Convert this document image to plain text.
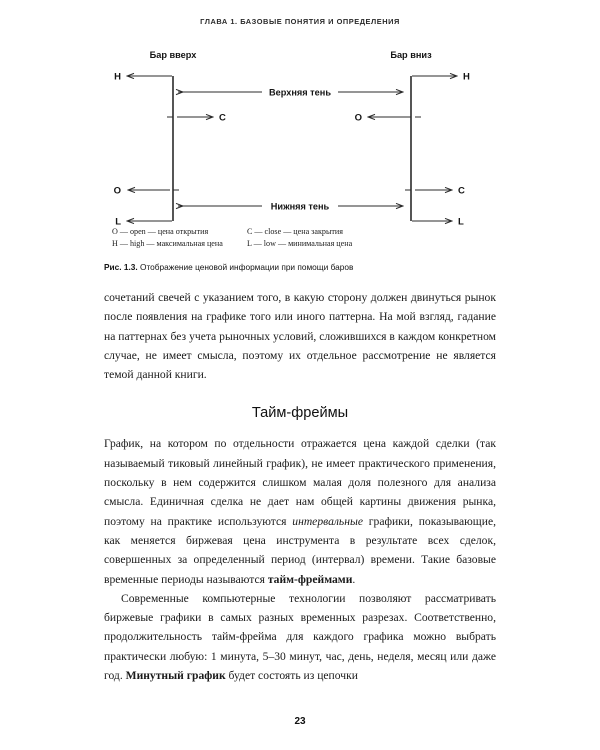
ГЛАВА 1. БАЗОВЫЕ ПОНЯТИЯ И ОПРЕДЕЛЕНИЯ
Бар вверх	Бар вниз
H
C
O
L
H
O
C
L
Верхняя тень
Нижняя тень
O — open — цена открытия	C — close — цена закрытия
H — high — максимальная цена	L — low — минимальная цена
Рис. 1.3. Отображение ценовой информации при помощи баров

сочетаний свечей с указанием того, в какую сторону должен двинуться рынок после появления на графике того или иного паттерна. На мой взгляд, гадание на паттернах без учета рыночных условий, сложившихся в каждом конкретном случае, не имеет смысла, поэтому их отдельное рассмотрение не является темой данной книги.

Тайм-фреймы

График, на котором по отдельности отражается цена каждой сделки (так называемый тиковый линейный график), не имеет практического применения, поскольку в нем содержится слишком малая доля полезного для анализа смысла. Единичная сделка не дает нам общей картины движения рынка, поэтому на практике используются интервальные графики, показывающие, как меняется биржевая цена инструмента в результате всех сделок, совершенных за определенный период (интервал) времени. Такие базовые временные периоды называются тайм-фреймами.

Современные компьютерные технологии позволяют рассматривать биржевые графики в самых разных временных разрезах. Соответственно, продолжительность тайм-фрейма для каждого графика можно выбрать практически любую: 1 минута, 5–30 минут, час, день, неделя, месяц или даже год. Минутный график будет состоять из цепочки

23
